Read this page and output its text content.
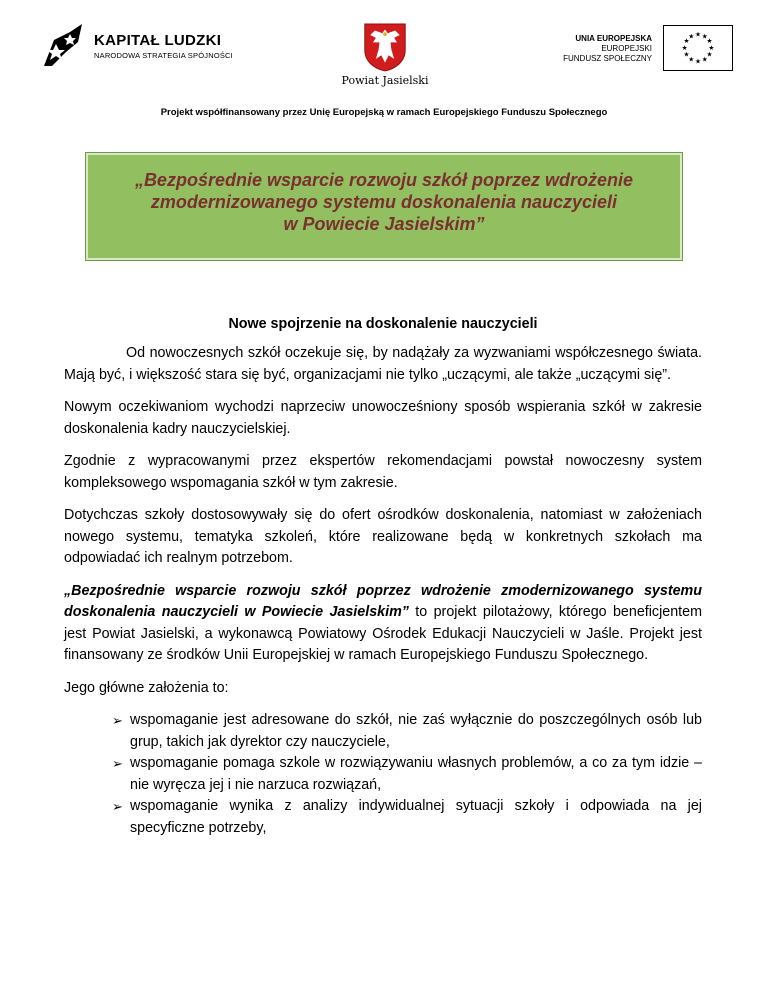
KAPITAŁ LUDZKI
NARODOWA STRATEGIA SPÓJNOŚCI
Powiat Jasielski
UNIA EUROPEJSKA
EUROPEJSKI
FUNDUSZ SPOŁECZNY
★ ★
★
★
★
★
★
★
★
★
★
★
Projekt współfinansowany przez Unię Europejską w ramach Europejskiego Funduszu Społecznego
„Bezpośrednie wsparcie rozwoju szkół poprzez wdrożenie
zmodernizowanego systemu doskonalenia nauczycieli
w Powiecie Jasielskim”
Nowe spojrzenie na doskonalenie nauczycieli

Od nowoczesnych szkół oczekuje się, by nadążały za wyzwaniami współczesnego świata. Mają być, i większość stara się być, organizacjami nie tylko „uczącymi, ale także „uczącymi się”.

Nowym oczekiwaniom wychodzi naprzeciw unowocześniony sposób wspierania szkół w zakresie doskonalenia kadry nauczycielskiej.

Zgodnie z wypracowanymi przez ekspertów rekomendacjami powstał nowoczesny system kompleksowego wspomagania szkół w tym zakresie.

Dotychczas szkoły dostosowywały się do ofert ośrodków doskonalenia, natomiast w założeniach nowego systemu, tematyka szkoleń, które realizowane będą w konkretnych szkołach ma odpowiadać ich realnym potrzebom.

„Bezpośrednie wsparcie rozwoju szkół poprzez wdrożenie zmodernizowanego systemu doskonalenia nauczycieli w Powiecie Jasielskim” to projekt pilotażowy, którego beneficjentem jest Powiat Jasielski, a wykonawcą Powiatowy Ośrodek Edukacji Nauczycieli w Jaśle. Projekt jest finansowany ze środków Unii Europejskiej w ramach Europejskiego Funduszu Społecznego.

Jego główne założenia to:

➢ wspomaganie jest adresowane do szkół, nie zaś wyłącznie do poszczególnych osób lub grup, takich jak dyrektor czy nauczyciele,
➢ wspomaganie pomaga szkole w rozwiązywaniu własnych problemów, a co za tym idzie – nie wyręcza jej i nie narzuca rozwiązań,
➢ wspomaganie wynika z analizy indywidualnej sytuacji szkoły i odpowiada na jej specyficzne potrzeby,
